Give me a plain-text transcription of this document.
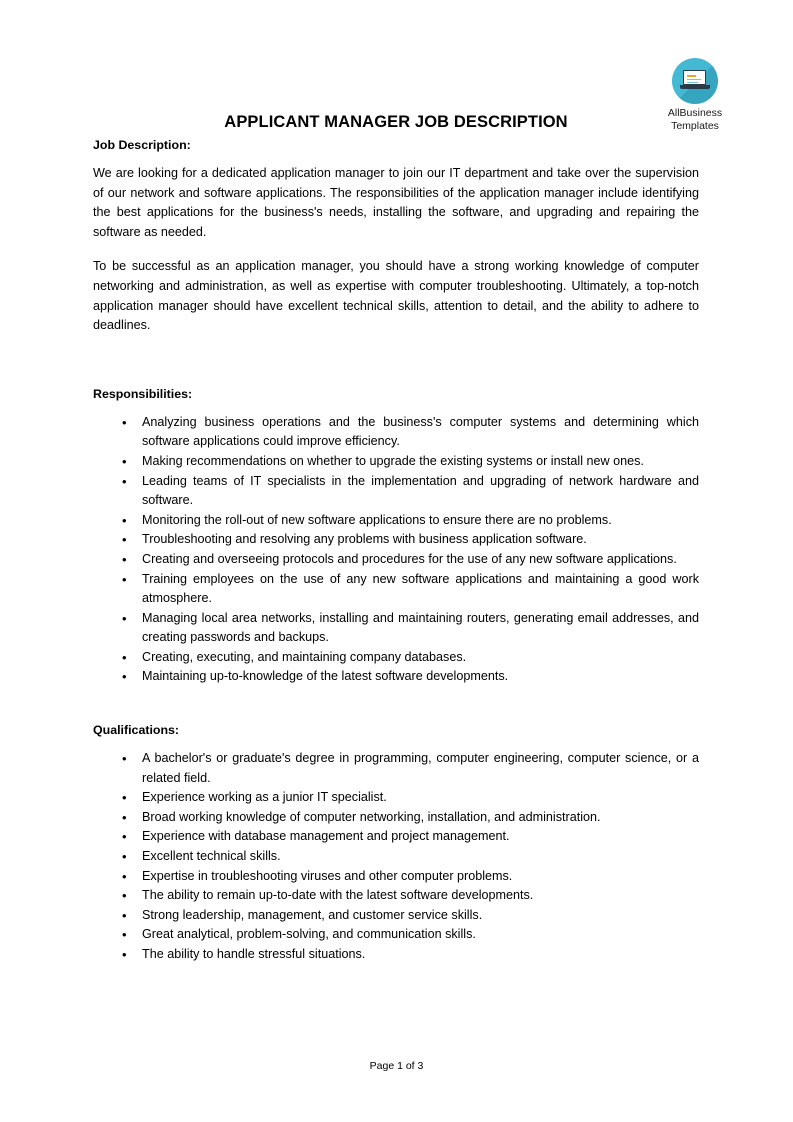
AllBusiness
Templates
APPLICANT MANAGER JOB DESCRIPTION
Job Description:

We are looking for a dedicated application manager to join our IT department and take over the supervision of our network and software applications. The responsibilities of the application manager include identifying the best applications for the business's needs, installing the software, and upgrading and repairing the software as needed.

To be successful as an application manager, you should have a strong working knowledge of computer networking and administration, as well as expertise with computer troubleshooting. Ultimately, a top-notch application manager should have excellent technical skills, attention to detail, and the ability to adhere to deadlines.

Responsibilities:
• Analyzing business operations and the business's computer systems and determining which software applications could improve efficiency.
• Making recommendations on whether to upgrade the existing systems or install new ones.
• Leading teams of IT specialists in the implementation and upgrading of network hardware and software.
• Monitoring the roll-out of new software applications to ensure there are no problems.
• Troubleshooting and resolving any problems with business application software.
• Creating and overseeing protocols and procedures for the use of any new software applications.
• Training employees on the use of any new software applications and maintaining a good work atmosphere.
• Managing local area networks, installing and maintaining routers, generating email addresses, and creating passwords and backups.
• Creating, executing, and maintaining company databases.
• Maintaining up-to-knowledge of the latest software developments.
Qualifications:
• A bachelor's or graduate's degree in programming, computer engineering, computer science, or a related field.
• Experience working as a junior IT specialist.
• Broad working knowledge of computer networking, installation, and administration.
• Experience with database management and project management.
• Excellent technical skills.
• Expertise in troubleshooting viruses and other computer problems.
• The ability to remain up-to-date with the latest software developments.
• Strong leadership, management, and customer service skills.
• Great analytical, problem-solving, and communication skills.
• The ability to handle stressful situations.
Page 1 of 3
